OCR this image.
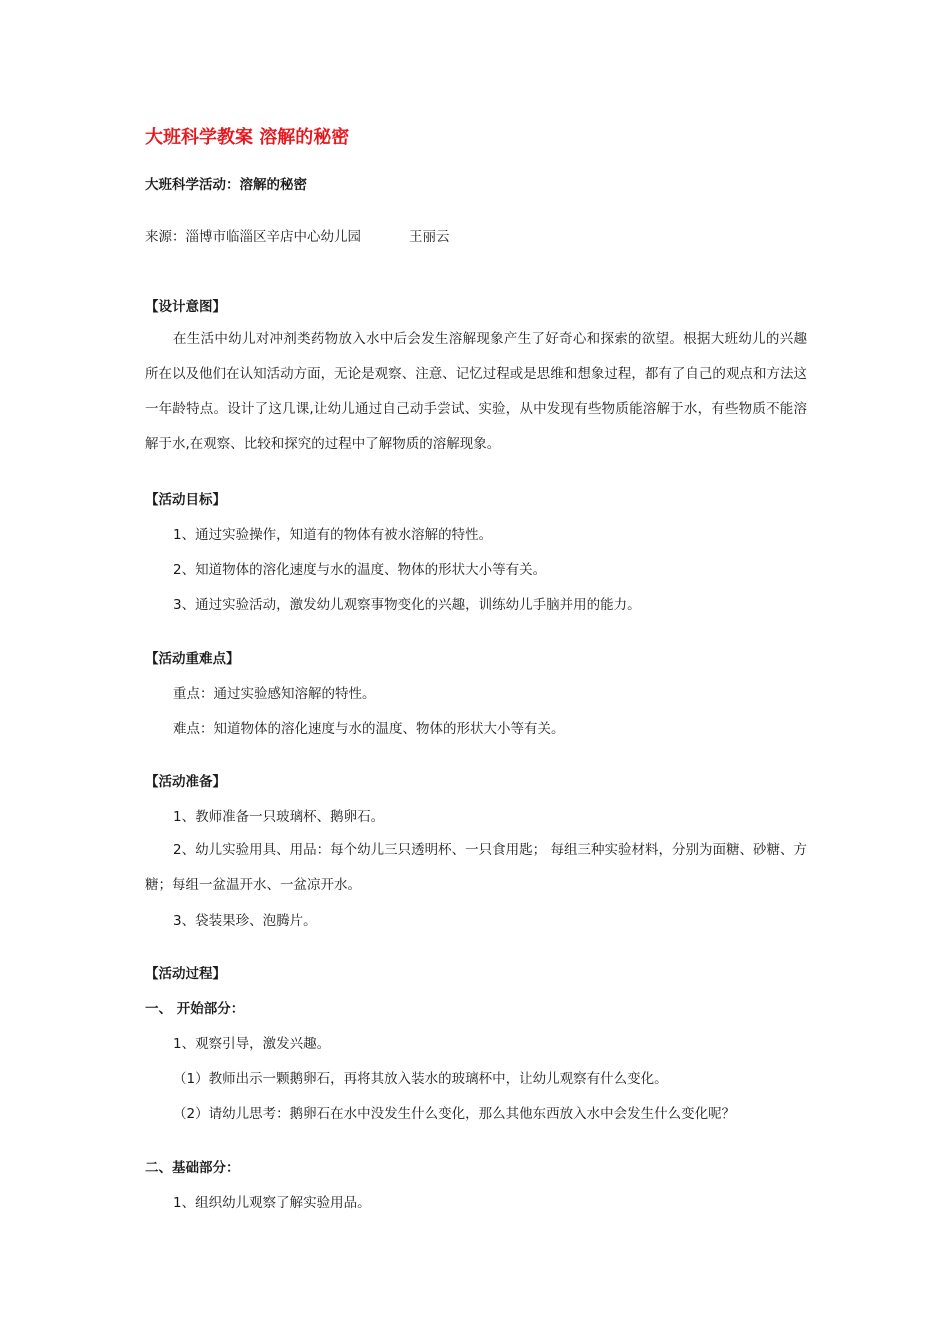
大班科学教案 溶解的秘密
大班科学活动：溶解的秘密
来源：淄博市临淄区辛店中心幼儿园	王丽云
【设计意图】
在生活中幼儿对冲剂类药物放入水中后会发生溶解现象产生了好奇心和探索的欲望。根据大班幼儿的兴趣所在以及他们在认知活动方面，无论是观察、注意、记忆过程或是思维和想象过程，都有了自己的观点和方法这一年龄特点。设计了这几课,让幼儿通过自己动手尝试、实验，从中发现有些物质能溶解于水，有些物质不能溶解于水,在观察、比较和探究的过程中了解物质的溶解现象。
【活动目标】
1、通过实验操作，知道有的物体有被水溶解的特性。
2、知道物体的溶化速度与水的温度、物体的形状大小等有关。
3、通过实验活动，激发幼儿观察事物变化的兴趣，训练幼儿手脑并用的能力。
【活动重难点】
重点：通过实验感知溶解的特性。
难点：知道物体的溶化速度与水的温度、物体的形状大小等有关。
【活动准备】
1、教师准备一只玻璃杯、鹅卵石。
2、幼儿实验用具、用品：每个幼儿三只透明杯、一只食用匙； 每组三种实验材料，分别为面糖、砂糖、方糖；每组一盆温开水、一盆凉开水。
3、袋装果珍、泡腾片。
【活动过程】
一、 开始部分：
1、观察引导，激发兴趣。
（1）教师出示一颗鹅卵石，再将其放入装水的玻璃杯中，让幼儿观察有什么变化。
（2）请幼儿思考：鹅卵石在水中没发生什么变化，那么其他东西放入水中会发生什么变化呢？
二、基础部分：
1、组织幼儿观察了解实验用品。
